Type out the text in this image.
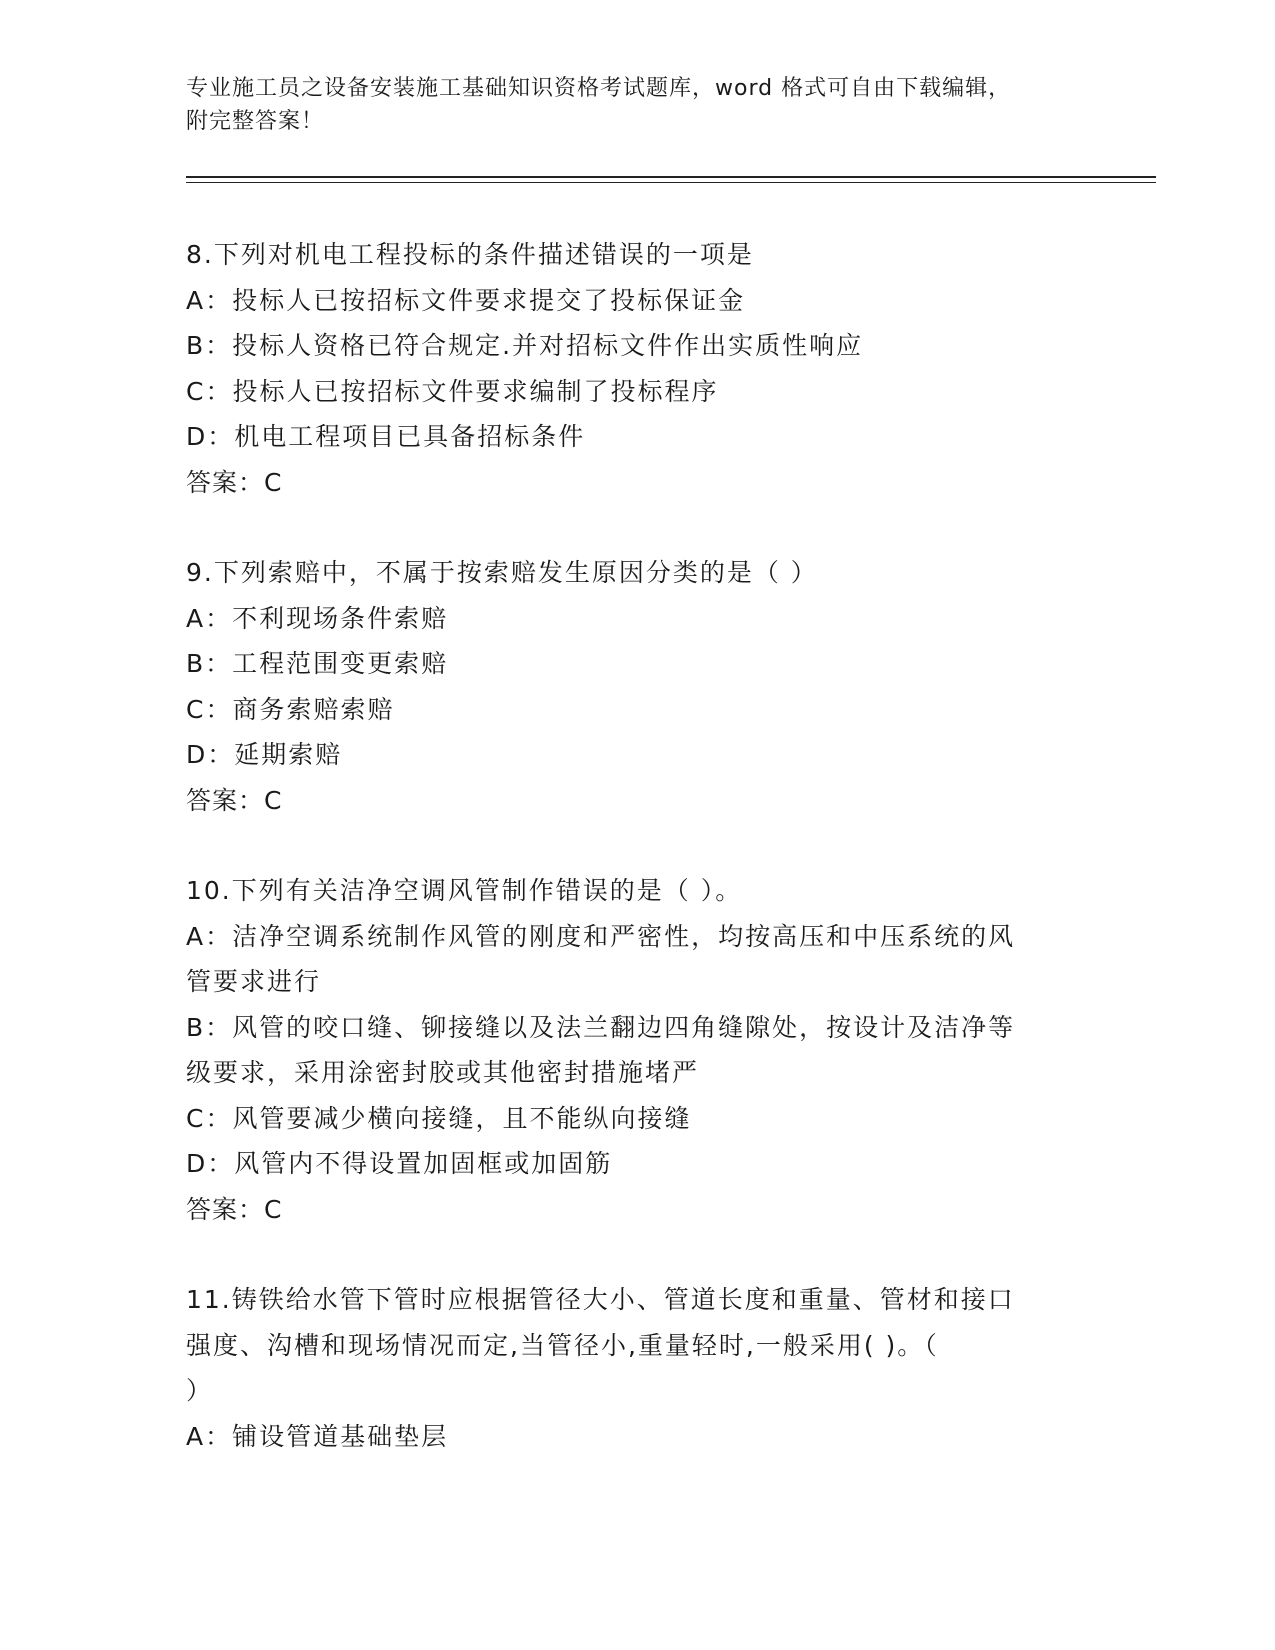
专业施工员之设备安装施工基础知识资格考试题库，word 格式可自由下载编辑，
附完整答案！
8.下列对机电工程投标的条件描述错误的一项是
A：投标人已按招标文件要求提交了投标保证金
B：投标人资格已符合规定.并对招标文件作出实质性响应
C：投标人已按招标文件要求编制了投标程序
D：机电工程项目已具备招标条件
答案：C
9.下列索赔中，不属于按索赔发生原因分类的是（ ）
A：不利现场条件索赔
B：工程范围变更索赔
C：商务索赔索赔
D：延期索赔
答案：C
10.下列有关洁净空调风管制作错误的是（ ）。
A：洁净空调系统制作风管的刚度和严密性，均按高压和中压系统的风
管要求进行
B：风管的咬口缝、铆接缝以及法兰翻边四角缝隙处，按设计及洁净等
级要求，采用涂密封胶或其他密封措施堵严
C：风管要减少横向接缝，且不能纵向接缝
D：风管内不得设置加固框或加固筋
答案：C
11.铸铁给水管下管时应根据管径大小、管道长度和重量、管材和接口
强度、沟槽和现场情况而定,当管径小,重量轻时,一般采用( )。（
）
A：铺设管道基础垫层
